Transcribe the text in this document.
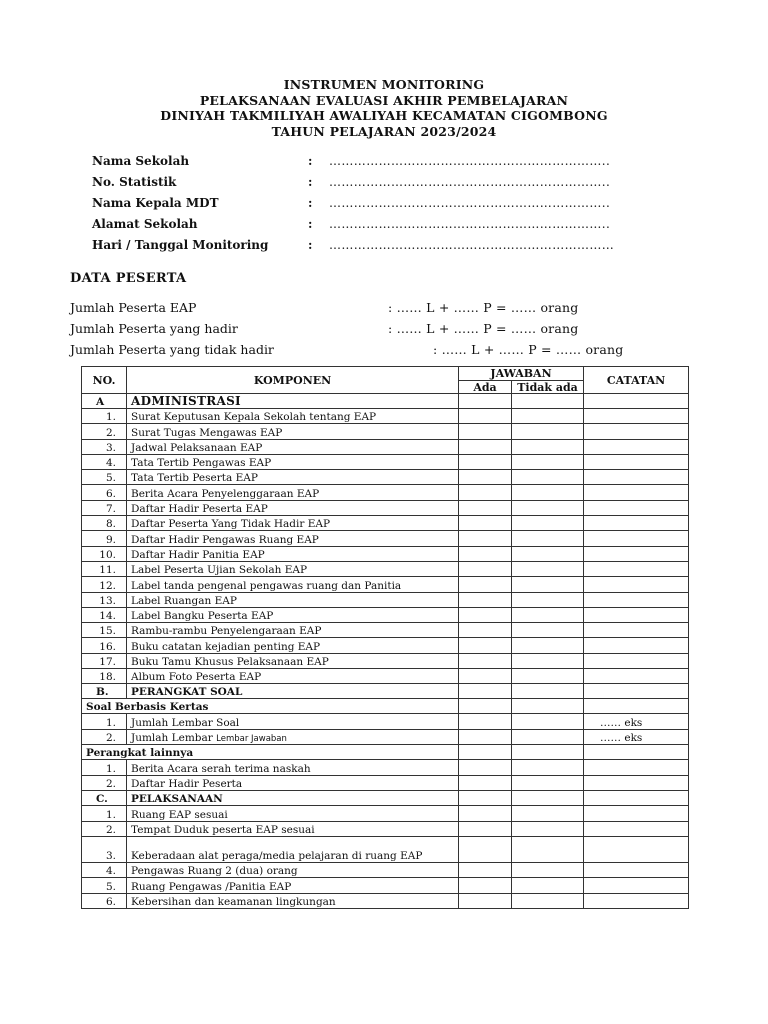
INSTRUMEN MONITORING
PELAKSANAAN EVALUASI AKHIR PEMBELAJARAN
DINIYAH TAKMILIYAH AWALIYAH KECAMATAN CIGOMBONG
TAHUN PELAJARAN 2023/2024
Nama Sekolah	: …………………………………………………………..
No. Statistik	: …………………………………………………………..
Nama Kepala MDT	: …………………………………………………………..
Alamat Sekolah	: …………………………………………………………..
Hari / Tanggal Monitoring	: ……………………………………………………………
DATA PESERTA
Jumlah Peserta EAP	: …… L + …… P = …… orang
Jumlah Peserta yang hadir	: …… L + …… P = …… orang
Jumlah Peserta yang tidak hadir	: …… L + …… P = …… orang
NO.	KOMPONEN	JAWABAN		CATATAN
		Ada	Tidak ada	
A	ADMINISTRASI			
1.	Surat Keputusan Kepala Sekolah tentang EAP			
2.	Surat Tugas Mengawas EAP			
3.	Jadwal Pelaksanaan EAP			
4.	Tata Tertib Pengawas EAP			
5.	Tata Tertib Peserta EAP			
6.	Berita Acara Penyelenggaraan EAP			
7.	Daftar Hadir Peserta EAP			
8.	Daftar Peserta Yang Tidak Hadir EAP			
9.	Daftar Hadir Pengawas Ruang EAP			
10.	Daftar Hadir Panitia EAP			
11.	Label Peserta Ujian Sekolah EAP			
12.	Label tanda pengenal pengawas ruang dan Panitia			
13.	Label Ruangan EAP			
14.	Label Bangku Peserta EAP			
15.	Rambu-rambu Penyelengaraan EAP			
16.	Buku catatan kejadian penting EAP			
17.	Buku Tamu Khusus Pelaksanaan EAP			
18.	Album Foto Peserta EAP			
B.	PERANGKAT SOAL			
Soal Berbasis Kertas				
1.	Jumlah Lembar Soal			…… eks
2.	Jumlah Lembar Lembar Jawaban			…… eks
Perangkat lainnya				
1.	Berita Acara serah terima naskah			
2.	Daftar Hadir Peserta			
C.	PELAKSANAAN			
1.	Ruang EAP sesuai			
2.	Tempat Duduk peserta EAP sesuai			
3.	Keberadaan alat peraga/media pelajaran di ruang EAP			
4.	Pengawas Ruang 2 (dua) orang			
5.	Ruang Pengawas /Panitia EAP			
6.	Kebersihan dan keamanan lingkungan			
